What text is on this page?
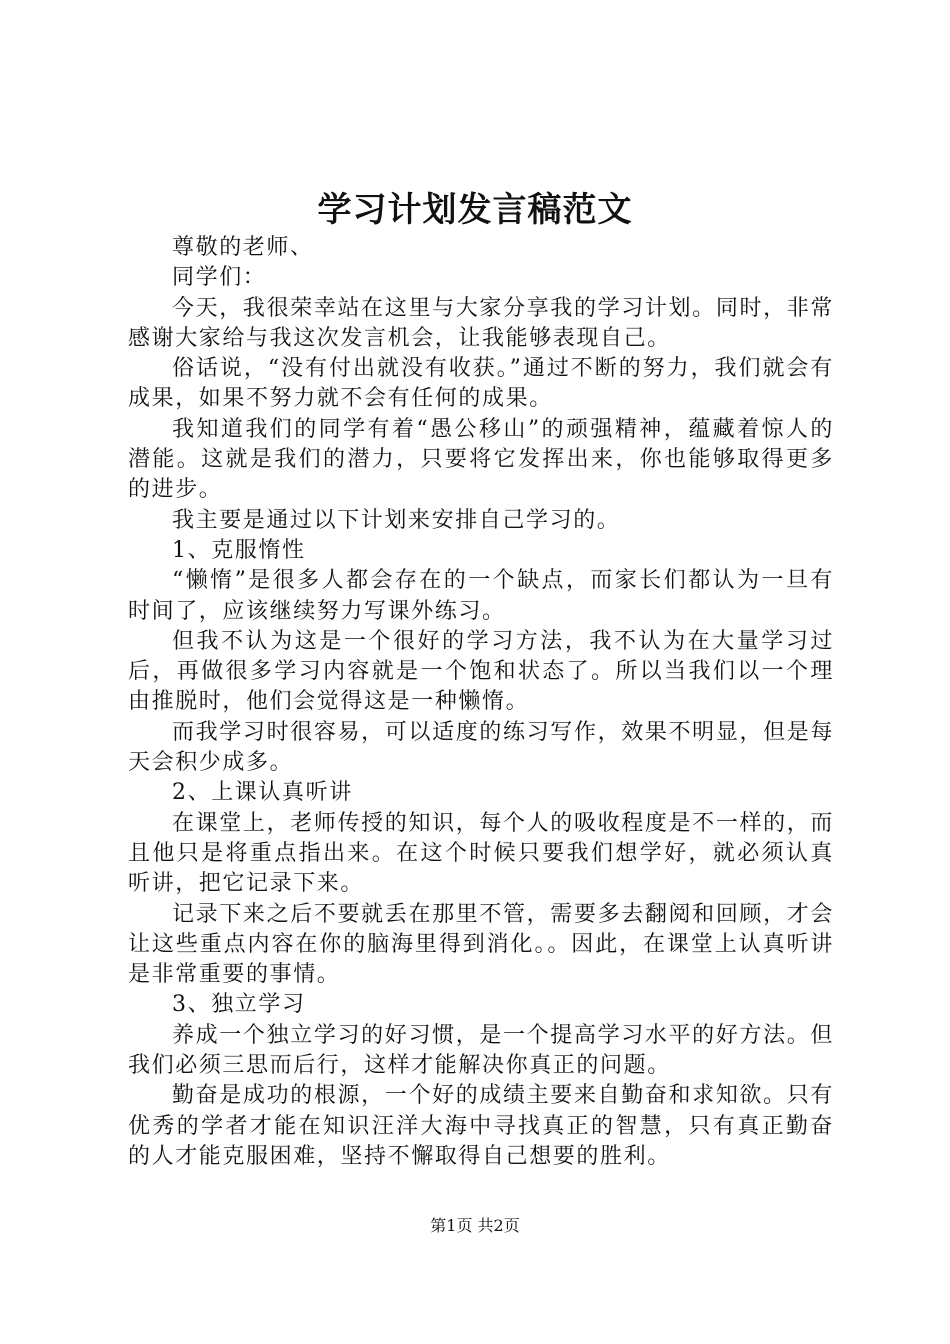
学习计划发言稿范文

尊敬的老师、

同学们：

今天，我很荣幸站在这里与大家分享我的学习计划。同时，非常感谢大家给与我这次发言机会，让我能够表现自己。

俗话说，“没有付出就没有收获。”通过不断的努力，我们就会有成果，如果不努力就不会有任何的成果。

我知道我们的同学有着“愚公移山”的顽强精神，蕴藏着惊人的潜能。这就是我们的潜力，只要将它发挥出来，你也能够取得更多的进步。

我主要是通过以下计划来安排自己学习的。

1、克服惰性

“懒惰”是很多人都会存在的一个缺点，而家长们都认为一旦有时间了，应该继续努力写课外练习。

但我不认为这是一个很好的学习方法，我不认为在大量学习过后，再做很多学习内容就是一个饱和状态了。所以当我们以一个理由推脱时，他们会觉得这是一种懒惰。

而我学习时很容易，可以适度的练习写作，效果不明显，但是每天会积少成多。

2、上课认真听讲

在课堂上，老师传授的知识，每个人的吸收程度是不一样的，而且他只是将重点指出来。在这个时候只要我们想学好，就必须认真听讲，把它记录下来。

记录下来之后不要就丢在那里不管，需要多去翻阅和回顾，才会让这些重点内容在你的脑海里得到消化。。因此，在课堂上认真听讲是非常重要的事情。

3、独立学习

养成一个独立学习的好习惯，是一个提高学习水平的好方法。但我们必须三思而后行，这样才能解决你真正的问题。

勤奋是成功的根源，一个好的成绩主要来自勤奋和求知欲。只有优秀的学者才能在知识汪洋大海中寻找真正的智慧，只有真正勤奋的人才能克服困难，坚持不懈取得自己想要的胜利。

第1页 共2页
